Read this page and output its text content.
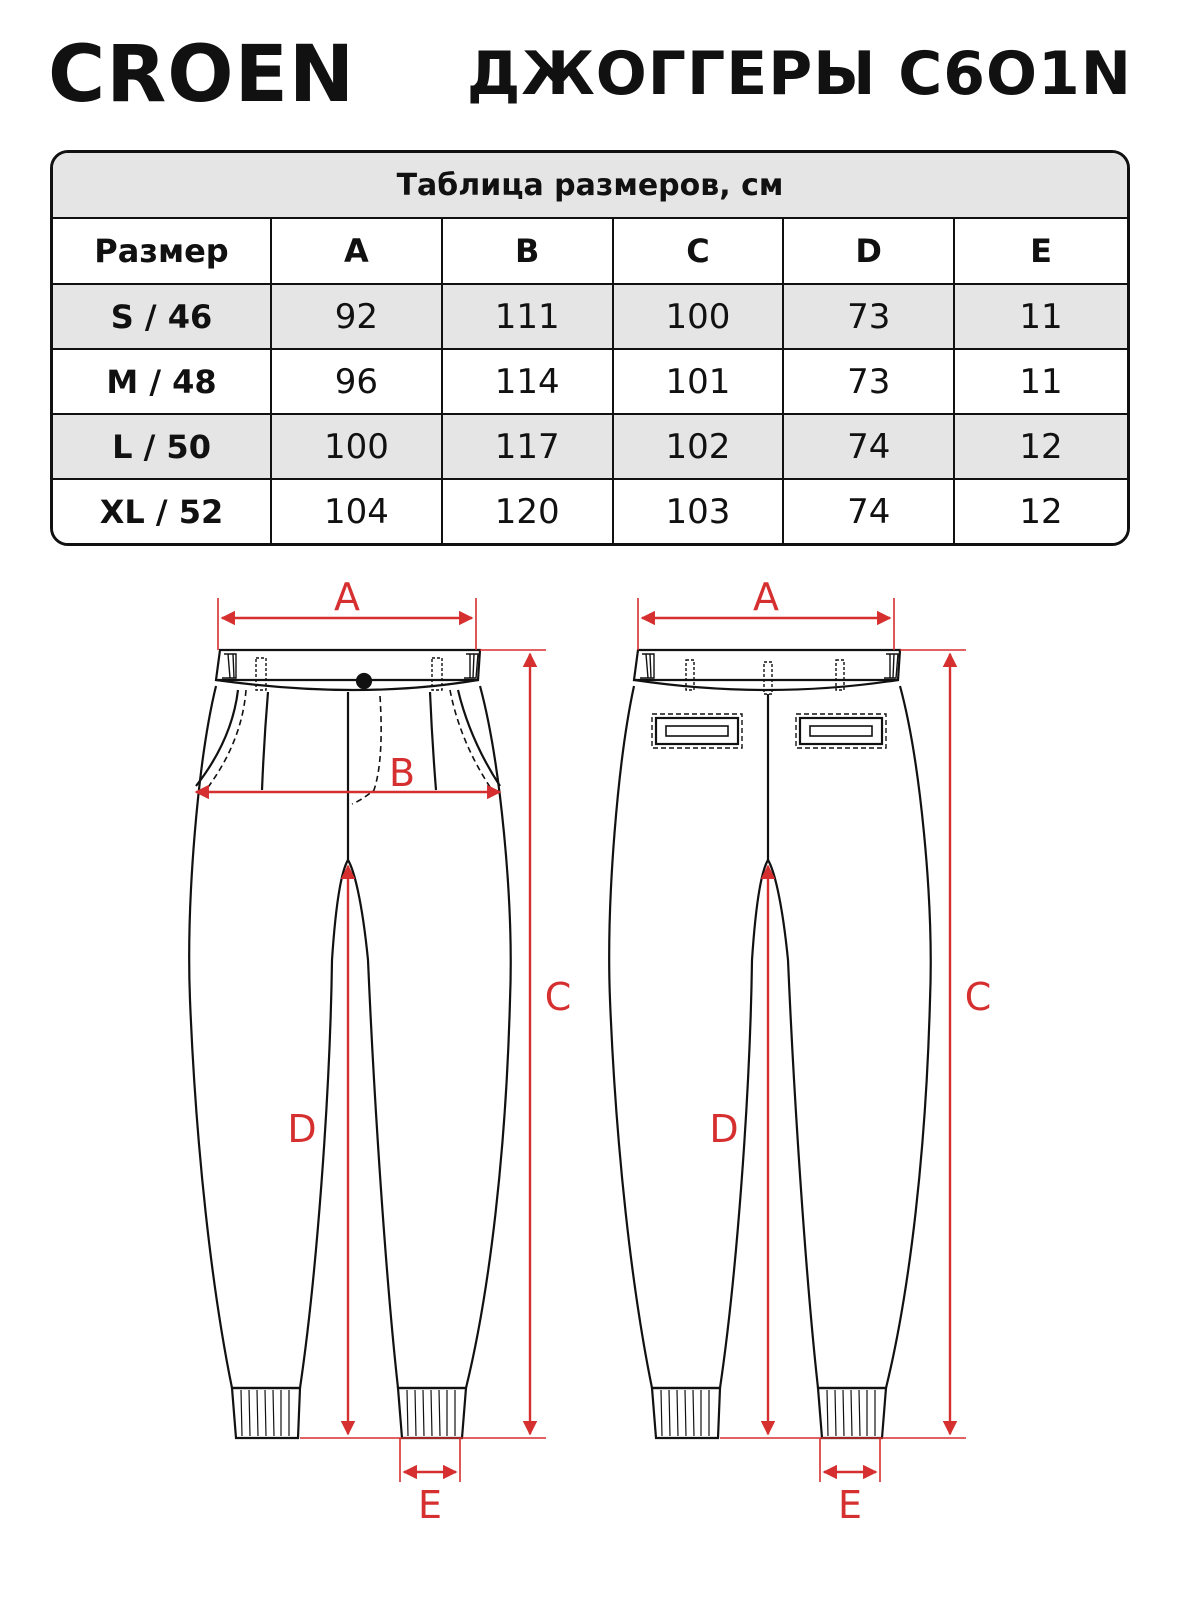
CROEN ДЖОГГЕРЫ C6O1N
Таблица размеров, см					
Размер	A	B	C	D	E
S / 46	92	111	100	73	11
M / 48	96	114	101	73	11
L / 50	100	117	102	74	12
XL / 52	104	120	103	74	12
A
B
C
D
E
A
C
D
E
